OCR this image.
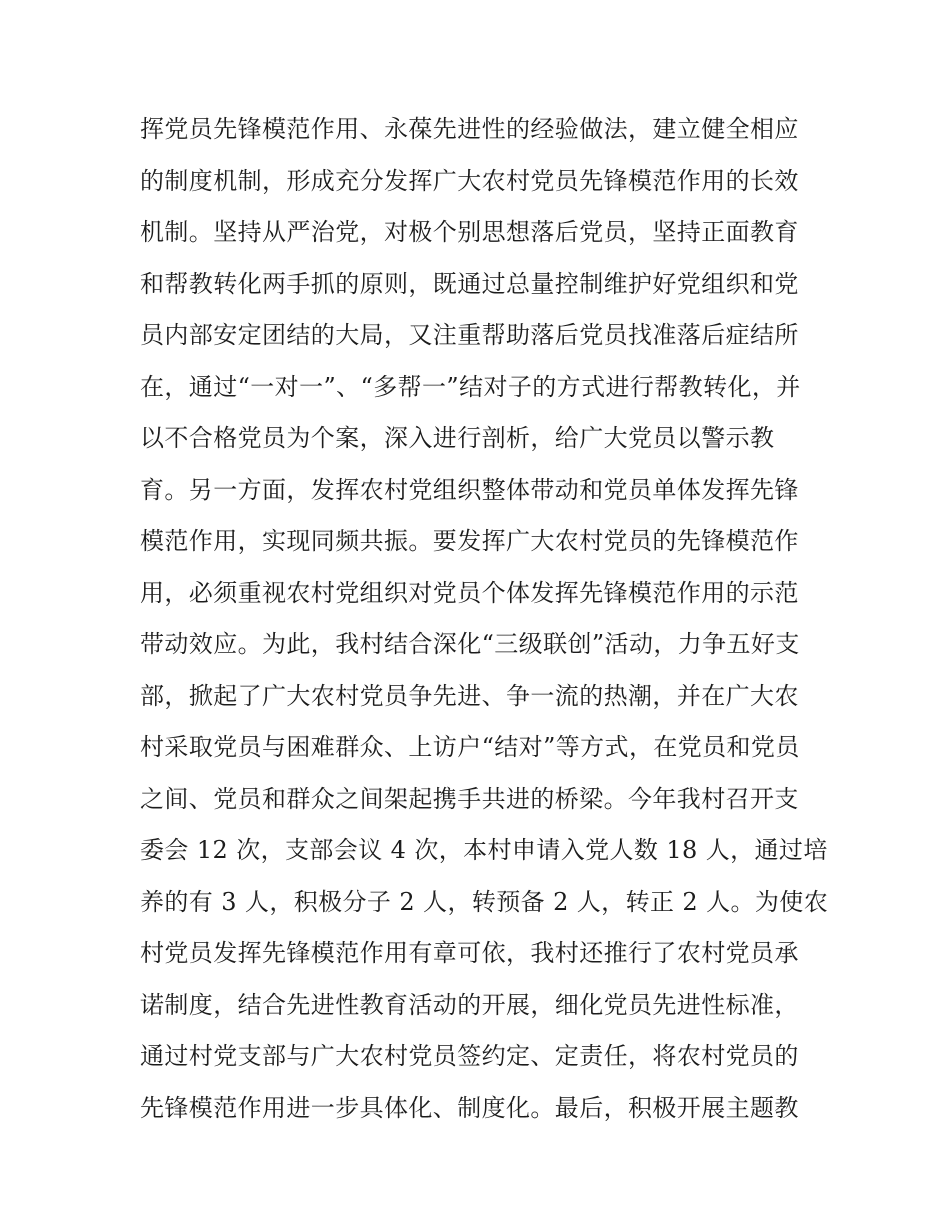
挥党员先锋模范作用、永葆先进性的经验做法，建立健全相应
的制度机制，形成充分发挥广大农村党员先锋模范作用的长效
机制。坚持从严治党，对极个别思想落后党员，坚持正面教育
和帮教转化两手抓的原则，既通过总量控制维护好党组织和党
员内部安定团结的大局，又注重帮助落后党员找准落后症结所
在，通过“一对一”、“多帮一”结对子的方式进行帮教转化，并
以不合格党员为个案，深入进行剖析，给广大党员以警示教
育。另一方面，发挥农村党组织整体带动和党员单体发挥先锋
模范作用，实现同频共振。要发挥广大农村党员的先锋模范作
用，必须重视农村党组织对党员个体发挥先锋模范作用的示范
带动效应。为此，我村结合深化“三级联创”活动，力争五好支
部，掀起了广大农村党员争先进、争一流的热潮，并在广大农
村采取党员与困难群众、上访户“结对”等方式，在党员和党员
之间、党员和群众之间架起携手共进的桥梁。今年我村召开支
委会 12 次，支部会议 4 次，本村申请入党人数 18 人，通过培
养的有 3 人，积极分子 2 人，转预备 2 人，转正 2 人。为使农
村党员发挥先锋模范作用有章可依，我村还推行了农村党员承
诺制度，结合先进性教育活动的开展，细化党员先进性标准，
通过村党支部与广大农村党员签约定、定责任，将农村党员的
先锋模范作用进一步具体化、制度化。最后，积极开展主题教
